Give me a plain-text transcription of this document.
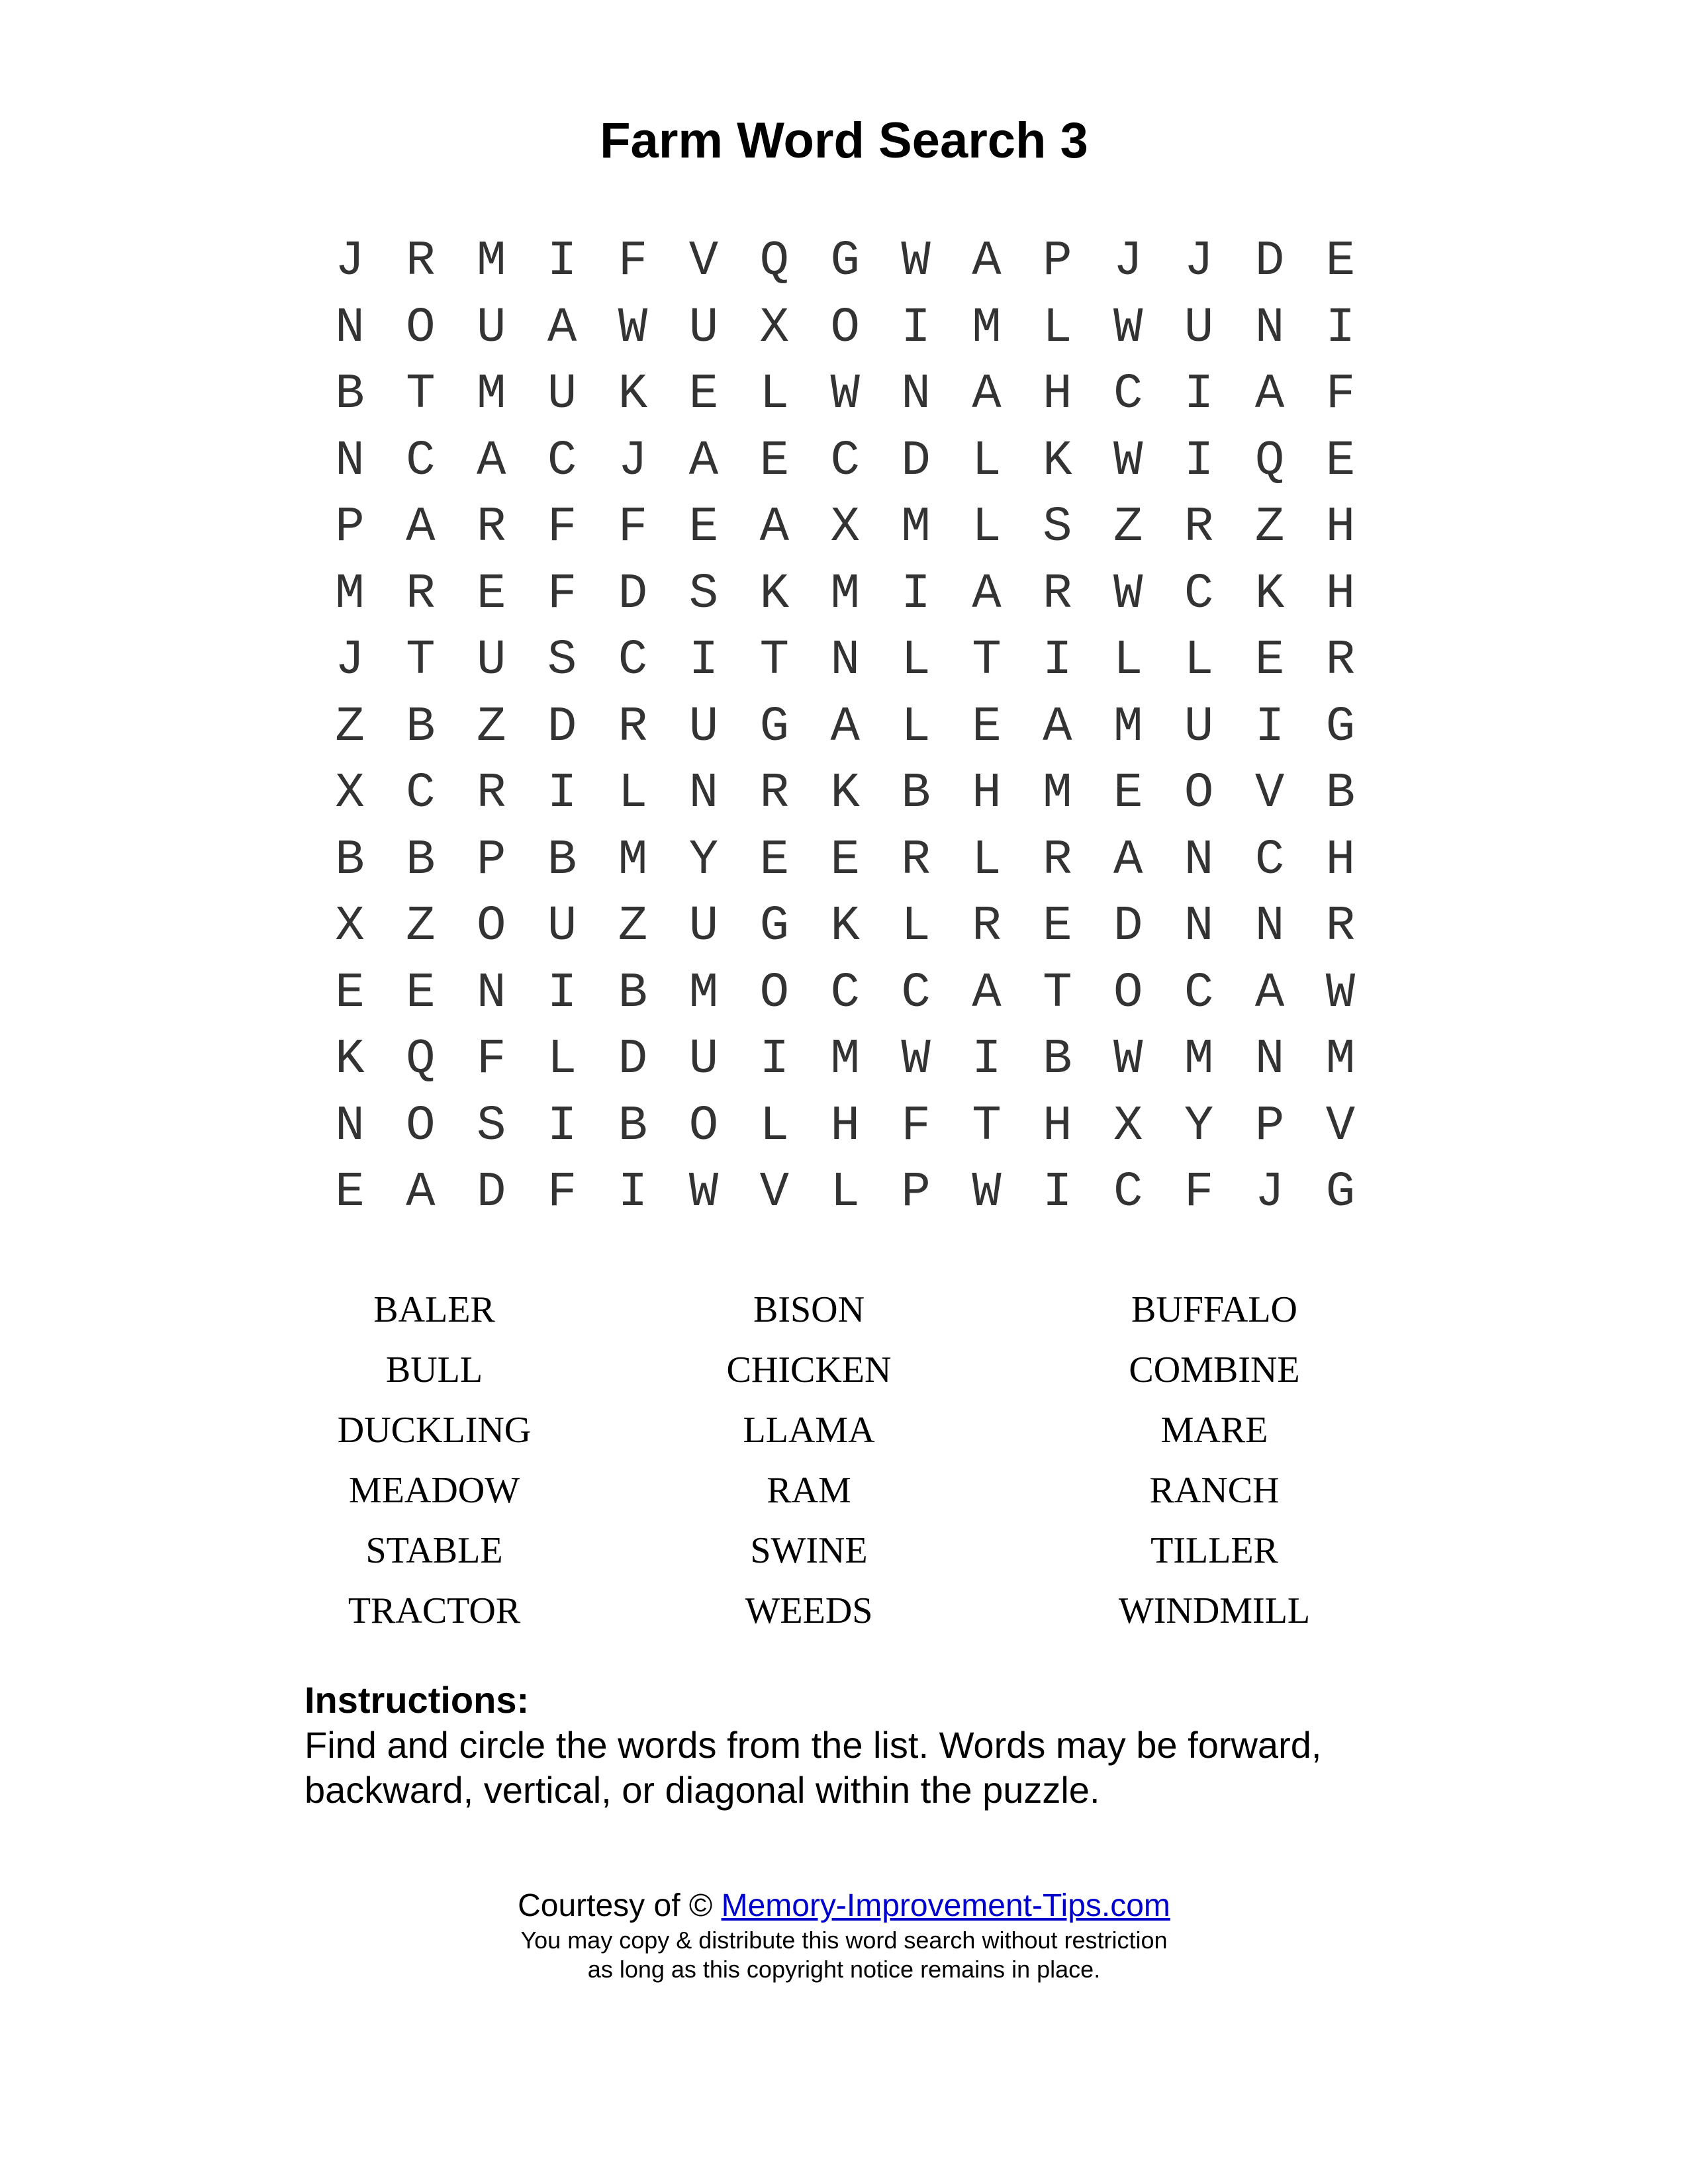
Farm Word Search 3
J R M I F V Q G W A P J J D E
N O U A W U X O I M L W U N I
B T M U K E L W N A H C I A F
N C A C J A E C D L K W I Q E
P A R F F E A X M L S Z R Z H
M R E F D S K M I A R W C K H
J T U S C I T N L T I L L E R
Z B Z D R U G A L E A M U I G
X C R I L N R K B H M E O V B
B B P B M Y E E R L R A N C H
X Z O U Z U G K L R E D N N R
E E N I B M O C C A T O C A W
K Q F L D U I M W I B W M N M
N O S I B O L H F T H X Y P V
E A D F I W V L P W I C F J G
BALER	BISON	BUFFALO
BULL	CHICKEN	COMBINE
DUCKLING	LLAMA	MARE
MEADOW	RAM	RANCH
STABLE	SWINE	TILLER
TRACTOR	WEEDS	WINDMILL
Instructions:
Find and circle the words from the list. Words may be forward,
backward, vertical, or diagonal within the puzzle.
Courtesy of © Memory-Improvement-Tips.com
You may copy & distribute this word search without restriction
as long as this copyright notice remains in place.
